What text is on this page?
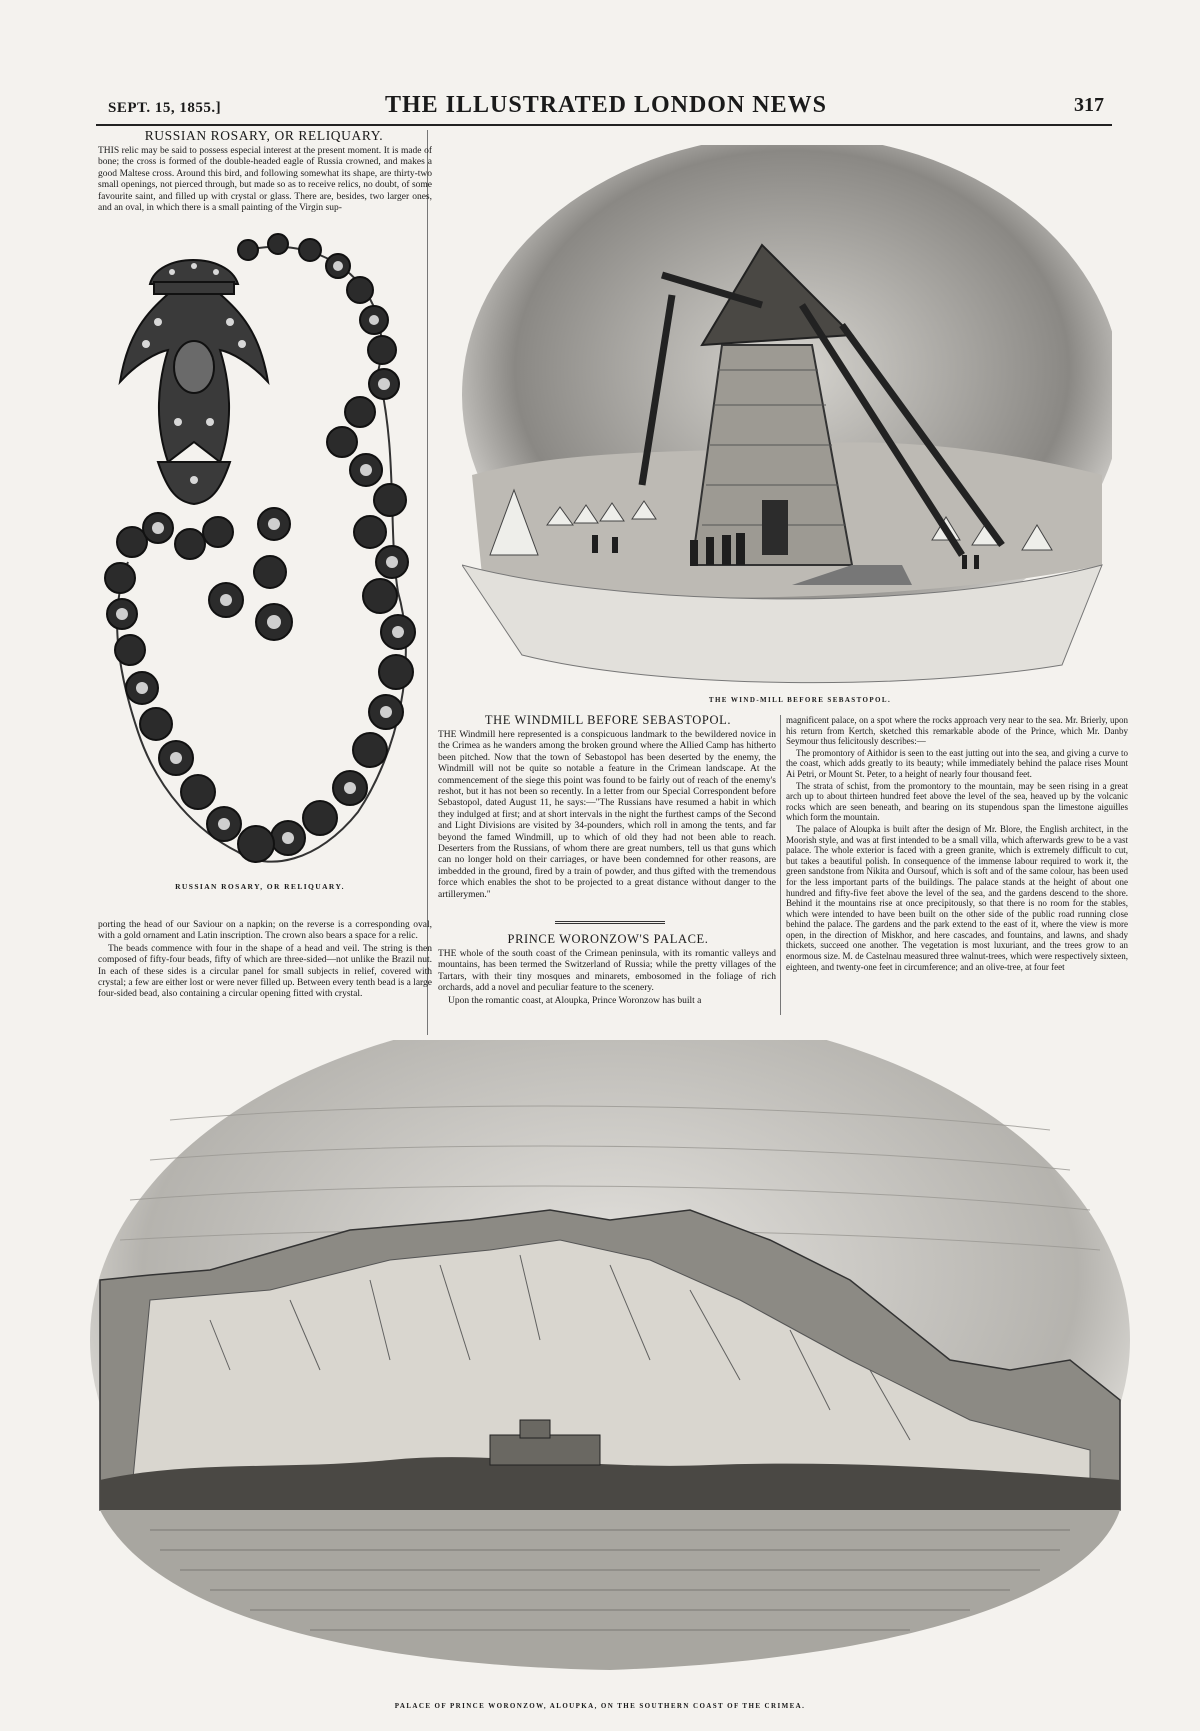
SEPT. 15, 1855.]	THE ILLUSTRATED LONDON NEWS	317
RUSSIAN ROSARY, OR RELIQUARY.

THIS relic may be said to possess especial interest at the present moment. It is made of bone; the cross is formed of the double-headed eagle of Russia crowned, and makes a good Maltese cross. Around this bird, and following somewhat its shape, are thirty-two small openings, not pierced through, but made so as to receive relics, no doubt, of some favourite saint, and filled up with crystal or glass. There are, besides, two larger ones, and an oval, in which there is a small painting of the Virgin sup-

RUSSIAN ROSARY, OR RELIQUARY.

porting the head of our Saviour on a napkin; on the reverse is a corresponding oval, with a gold ornament and Latin inscription. The crown also bears a space for a relic.

The beads commence with four in the shape of a head and veil. The string is then composed of fifty-four beads, fifty of which are three-sided—not unlike the Brazil nut. In each of these sides is a circular panel for small subjects in relief, covered with crystal; a few are either lost or were never filled up. Between every tenth bead is a large four-sided bead, also containing a circular opening fitted with crystal.

THE WIND-MILL BEFORE SEBASTOPOL.
THE WINDMILL BEFORE SEBASTOPOL.

THE Windmill here represented is a conspicuous landmark to the bewildered novice in the Crimea as he wanders among the broken ground where the Allied Camp has hitherto been pitched. Now that the town of Sebastopol has been deserted by the enemy, the Windmill will not be quite so notable a feature in the Crimean landscape. At the commencement of the siege this point was found to be fairly out of reach of the enemy's reshot, but it has not been so recently. In a letter from our Special Correspondent before Sebastopol, dated August 11, he says:—"The Russians have resumed a habit in which they indulged at first; and at short intervals in the night the furthest camps of the Second and Light Divisions are visited by 34-pounders, which roll in among the tents, and far beyond the famed Windmill, up to which of old they had not been able to reach. Deserters from the Russians, of whom there are great numbers, tell us that guns which can no longer hold on their carriages, or have been condemned for other reasons, are imbedded in the ground, fired by a train of powder, and thus gifted with the tremendous force which enables the shot to be projected to a great distance without danger to the artillerymen."

PRINCE WORONZOW'S PALACE.

THE whole of the south coast of the Crimean peninsula, with its romantic valleys and mountains, has been termed the Switzerland of Russia; while the pretty villages of the Tartars, with their tiny mosques and minarets, embosomed in the foliage of rich orchards, add a novel and peculiar feature to the scenery.

Upon the romantic coast, at Aloupka, Prince Woronzow has built a

magnificent palace, on a spot where the rocks approach very near to the sea. Mr. Brierly, upon his return from Kertch, sketched this remarkable abode of the Prince, which Mr. Danby Seymour thus felicitously describes:—

The promontory of Aithidor is seen to the east jutting out into the sea, and giving a curve to the coast, which adds greatly to its beauty; while immediately behind the palace rises Mount Ai Petri, or Mount St. Peter, to a height of nearly four thousand feet.

The strata of schist, from the promontory to the mountain, may be seen rising in a great arch up to about thirteen hundred feet above the level of the sea, heaved up by the volcanic rocks which are seen beneath, and bearing on its stupendous span the limestone aiguilles which form the mountain.

The palace of Aloupka is built after the design of Mr. Blore, the English architect, in the Moorish style, and was at first intended to be a small villa, which afterwards grew to be a vast palace. The whole exterior is faced with a green granite, which is extremely difficult to cut, but takes a beautiful polish. In consequence of the immense labour required to work it, the green sandstone from Nikita and Oursouf, which is soft and of the same colour, has been used for the less important parts of the buildings. The palace stands at the height of about one hundred and fifty-five feet above the level of the sea, and the gardens descend to the shore. Behind it the mountains rise at once precipitously, so that there is no room for the stables, which were intended to have been built on the other side of the public road running close behind the palace. The gardens and the park extend to the east of it, where the view is more open, in the direction of Miskhor, and here cascades, and fountains, and lawns, and shady thickets, succeed one another. The vegetation is most luxuriant, and the trees grow to an enormous size. M. de Castelnau measured three walnut-trees, which were respectively sixteen, eighteen, and twenty-one feet in circumference; and an olive-tree, at four feet

PALACE OF PRINCE WORONZOW, ALOUPKA, ON THE SOUTHERN COAST OF THE CRIMEA.
